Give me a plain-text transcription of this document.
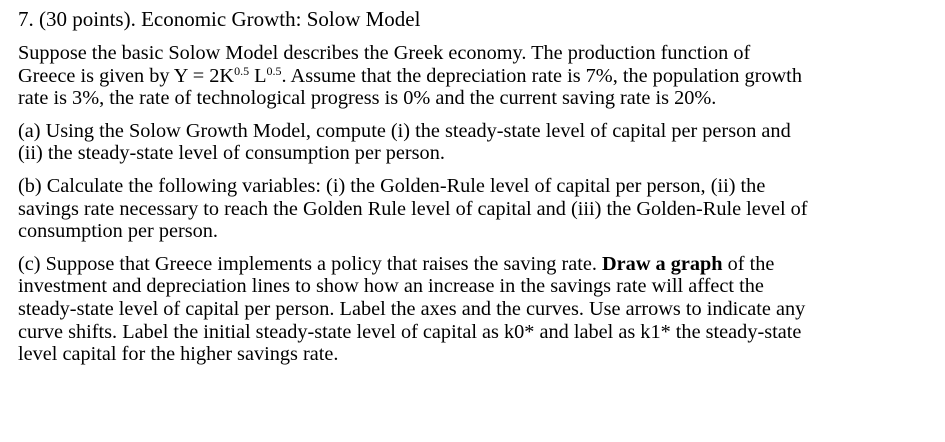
7. (30 points). Economic Growth: Solow Model
Suppose the basic Solow Model describes the Greek economy. The production function of
Greece is given by $Y = 2K^{0.5}$ $L^{0.5}$. Assume that the depreciation rate is 7%, the population growth
rate is 3%, the rate of technological progress is 0% and the current saving rate is 20%.
(a) Using the Solow Growth Model, compute (i) the steady-state level of capital per person and
(ii) the steady-state level of consumption per person.
(b) Calculate the following variables: (i) the Golden-Rule level of capital per person, (ii) the
savings rate necessary to reach the Golden Rule level of capital and (iii) the Golden-Rule level of
consumption per person.
(c) Suppose that Greece implements a policy that raises the saving rate. Draw a graph of the
investment and depreciation lines to show how an increase in the savings rate will affect the
steady-state level of capital per person. Label the axes and the curves. Use arrows to indicate any
curve shifts. Label the initial steady-state level of capital as k0* and label as k1* the steady-state
level capital for the higher savings rate.
